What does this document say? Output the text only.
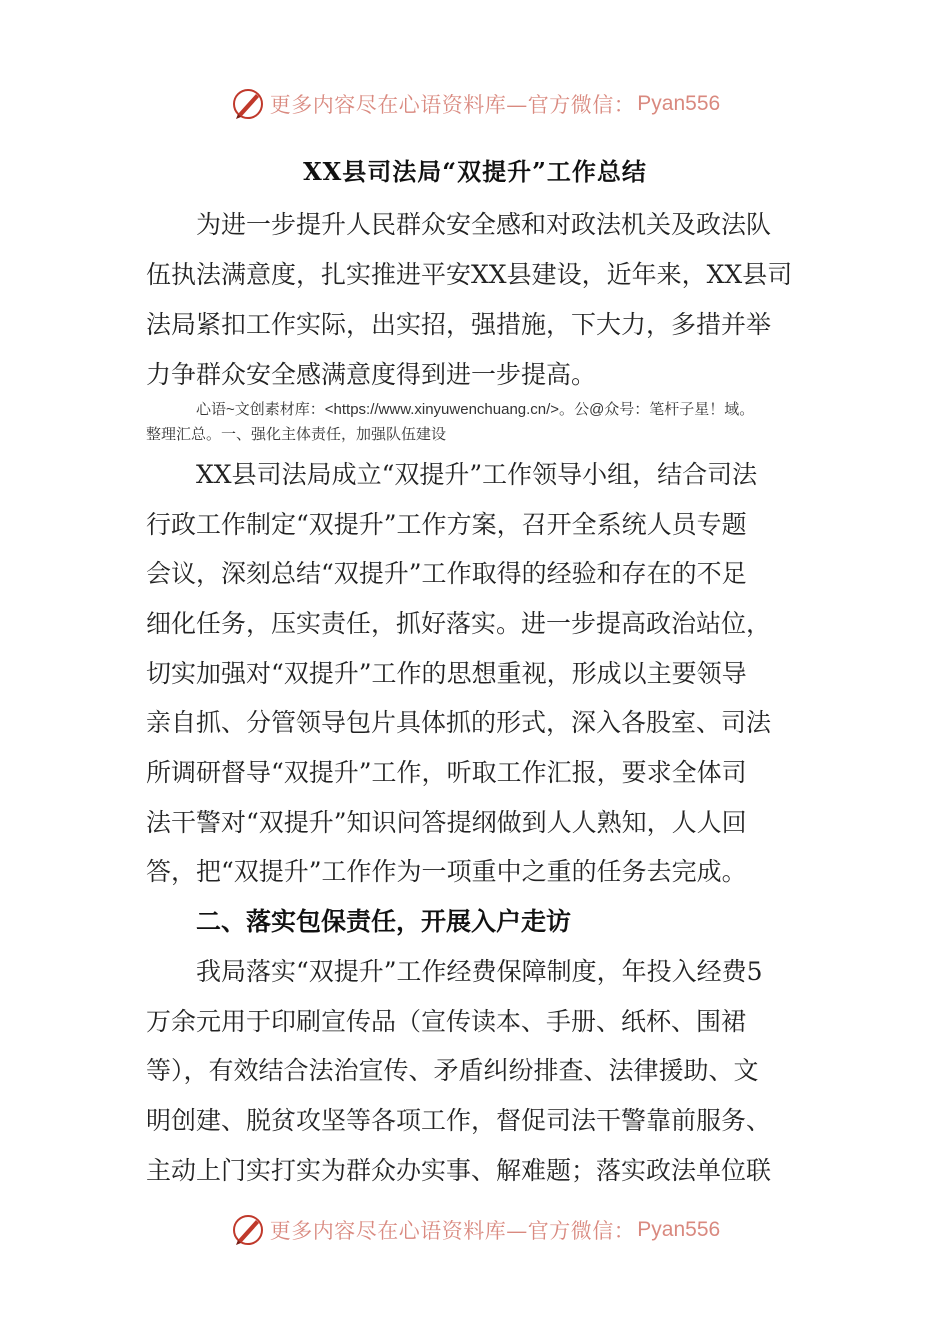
更多内容尽在心语资料库—官方微信： Pyan556
XX县司法局“双提升”工作总结
为进一步提升人民群众安全感和对政法机关及政法队
伍执法满意度，扎实推进平安XX县建设，近年来，XX县司
法局紧扣工作实际，出实招，强措施，下大力，多措并举
力争群众安全感满意度得到进一步提高。
心语~文创素材库：<https://www.xinyuwenchuang.cn/>。公@众号：笔杆子星！域。
整理汇总。一、强化主体责任，加强队伍建设
XX县司法局成立“双提升”工作领导小组，结合司法
行政工作制定“双提升”工作方案，召开全系统人员专题
会议，深刻总结“双提升”工作取得的经验和存在的不足
细化任务，压实责任，抓好落实。进一步提高政治站位，
切实加强对“双提升”工作的思想重视，形成以主要领导
亲自抓、分管领导包片具体抓的形式，深入各股室、司法
所调研督导“双提升”工作，听取工作汇报，要求全体司
法干警对“双提升”知识问答提纲做到人人熟知，人人回
答，把“双提升”工作作为一项重中之重的任务去完成。
二、落实包保责任，开展入户走访
我局落实“双提升”工作经费保障制度，年投入经费5
万余元用于印刷宣传品（宣传读本、手册、纸杯、围裙
等），有效结合法治宣传、矛盾纠纷排查、法律援助、文
明创建、脱贫攻坚等各项工作，督促司法干警靠前服务、
主动上门实打实为群众办实事、解难题；落实政法单位联
更多内容尽在心语资料库—官方微信： Pyan556
